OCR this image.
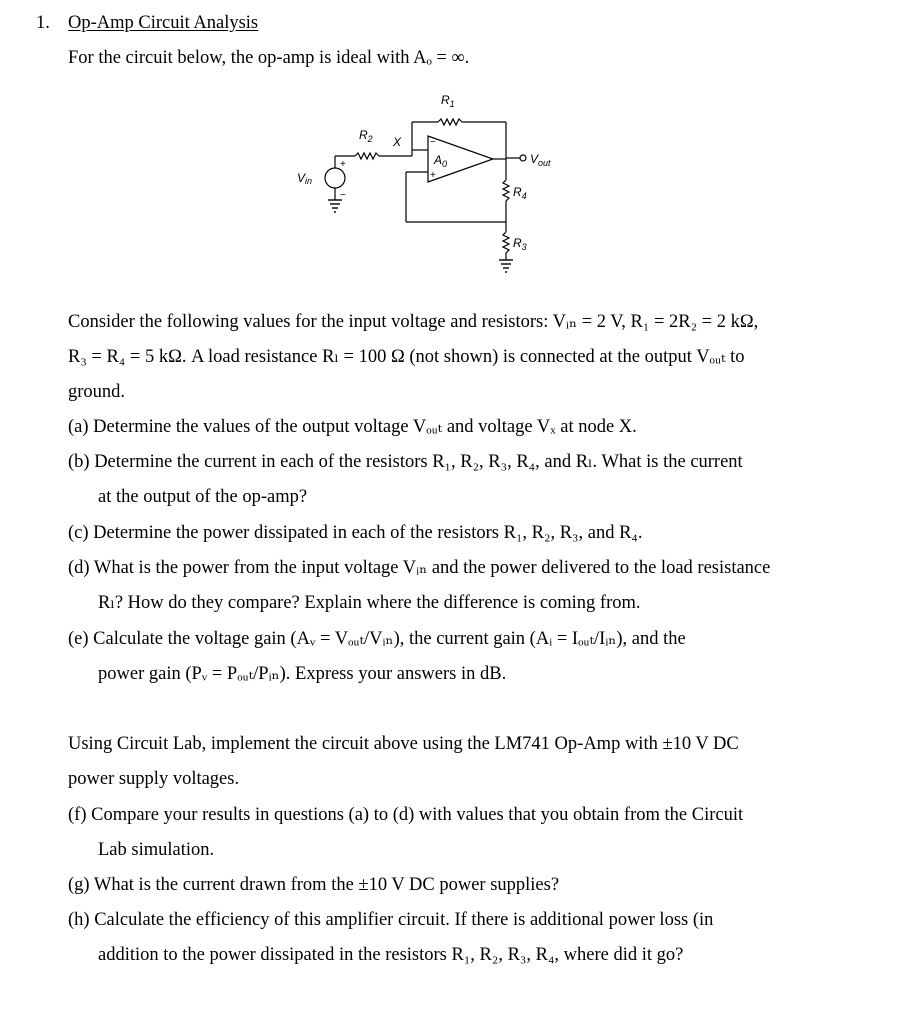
1. Op-Amp Circuit Analysis
For the circuit below, the op-amp is ideal with Aₒ = ∞.
$R_1$
$R_2$ X
$A_0$
−
+
$V_{out}$
$R_4$
$R_3$
Vin
+
−
Consider the following values for the input voltage and resistors: Vᵢₙ = 2 V, R₁ = 2R₂ = 2 kΩ,
R₃ = R₄ = 5 kΩ. A load resistance Rₗ = 100 Ω (not shown) is connected at the output Vₒᵤₜ to
ground.
(a) Determine the values of the output voltage Vₒᵤₜ and voltage Vₓ at node X.
(b) Determine the current in each of the resistors R₁, R₂, R₃, R₄, and Rₗ. What is the current
at the output of the op-amp?
(c) Determine the power dissipated in each of the resistors R₁, R₂, R₃, and R₄.
(d) What is the power from the input voltage Vᵢₙ and the power delivered to the load resistance
Rₗ? How do they compare? Explain where the difference is coming from.
(e) Calculate the voltage gain (Aᵥ = Vₒᵤₜ/Vᵢₙ), the current gain (Aᵢ = Iₒᵤₜ/Iᵢₙ), and the
power gain (Pᵥ = Pₒᵤₜ/Pᵢₙ). Express your answers in dB.
Using Circuit Lab, implement the circuit above using the LM741 Op-Amp with ±10 V DC
power supply voltages.
(f) Compare your results in questions (a) to (d) with values that you obtain from the Circuit
Lab simulation.
(g) What is the current drawn from the ±10 V DC power supplies?
(h) Calculate the efficiency of this amplifier circuit. If there is additional power loss (in
addition to the power dissipated in the resistors R₁, R₂, R₃, R₄, where did it go?
